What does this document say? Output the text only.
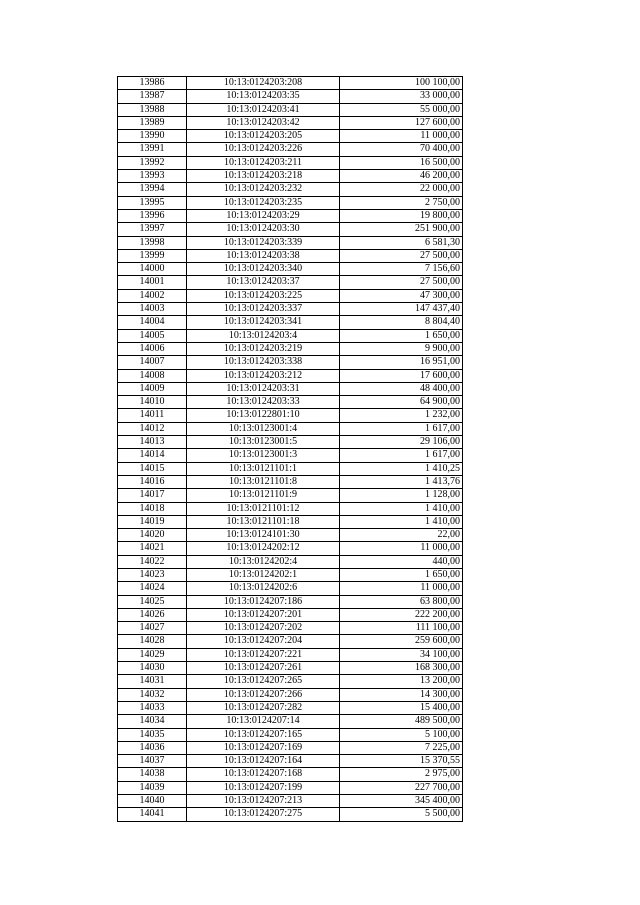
13986	10:13:0124203:208	100 100,00
13987	10:13:0124203:35	33 000,00
13988	10:13:0124203:41	55 000,00
13989	10:13:0124203:42	127 600,00
13990	10:13:0124203:205	11 000,00
13991	10:13:0124203:226	70 400,00
13992	10:13:0124203:211	16 500,00
13993	10:13:0124203:218	46 200,00
13994	10:13:0124203:232	22 000,00
13995	10:13:0124203:235	2 750,00
13996	10:13:0124203:29	19 800,00
13997	10:13:0124203:30	251 900,00
13998	10:13:0124203:339	6 581,30
13999	10:13:0124203:38	27 500,00
14000	10:13:0124203:340	7 156,60
14001	10:13:0124203:37	27 500,00
14002	10:13:0124203:225	47 300,00
14003	10:13:0124203:337	147 437,40
14004	10:13:0124203:341	8 804,40
14005	10:13:0124203:4	1 650,00
14006	10:13:0124203:219	9 900,00
14007	10:13:0124203:338	16 951,00
14008	10:13:0124203:212	17 600,00
14009	10:13:0124203:31	48 400,00
14010	10:13:0124203:33	64 900,00
14011	10:13:0122801:10	1 232,00
14012	10:13:0123001:4	1 617,00
14013	10:13:0123001:5	29 106,00
14014	10:13:0123001:3	1 617,00
14015	10:13:0121101:1	1 410,25
14016	10:13:0121101:8	1 413,76
14017	10:13:0121101:9	1 128,00
14018	10:13:0121101:12	1 410,00
14019	10:13:0121101:18	1 410,00
14020	10:13:0124101:30	22,00
14021	10:13:0124202:12	11 000,00
14022	10:13:0124202:4	440,00
14023	10:13:0124202:1	1 650,00
14024	10:13:0124202:6	11 000,00
14025	10:13:0124207:186	63 800,00
14026	10:13:0124207:201	222 200,00
14027	10:13:0124207:202	111 100,00
14028	10:13:0124207:204	259 600,00
14029	10:13:0124207:221	34 100,00
14030	10:13:0124207:261	168 300,00
14031	10:13:0124207:265	13 200,00
14032	10:13:0124207:266	14 300,00
14033	10:13:0124207:282	15 400,00
14034	10:13:0124207:14	489 500,00
14035	10:13:0124207:165	5 100,00
14036	10:13:0124207:169	7 225,00
14037	10:13:0124207:164	15 370,55
14038	10:13:0124207:168	2 975,00
14039	10:13:0124207:199	227 700,00
14040	10:13:0124207:213	345 400,00
14041	10:13:0124207:275	5 500,00
